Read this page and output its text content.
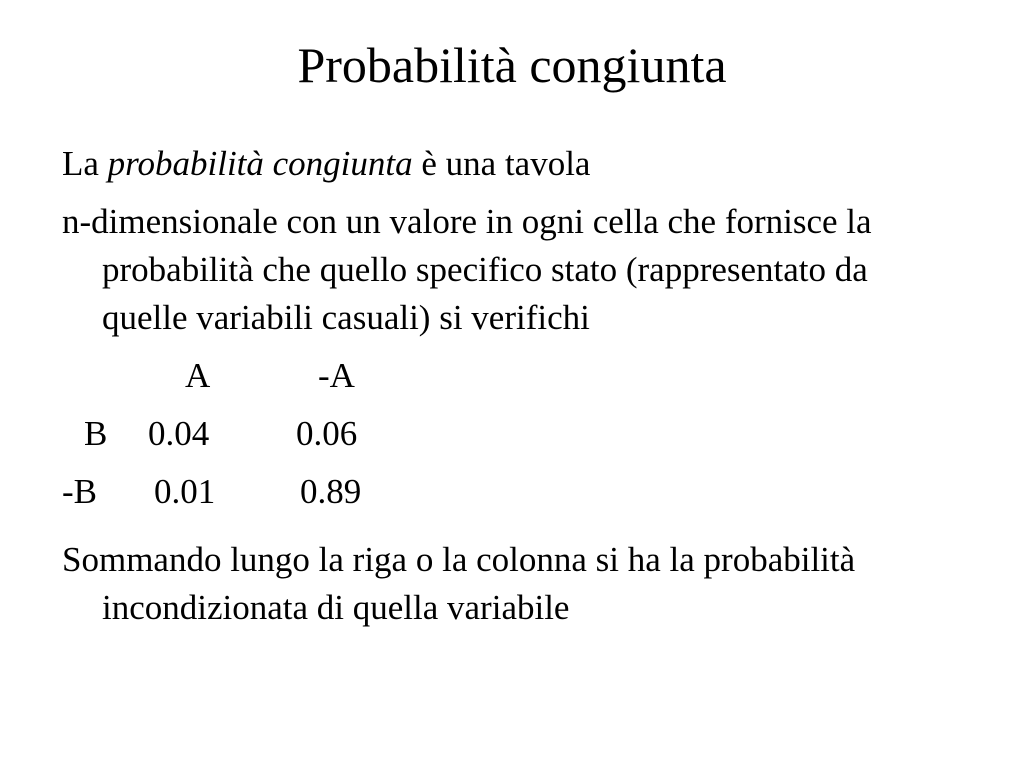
Probabilità congiunta

La probabilità congiunta è una tavola

n-dimensionale con un valore in ogni cella che fornisce la probabilità che quello specifico stato (rappresentato da quelle variabili casuali) si verifichi

A	-A
B 0.04 0.06
-B 0.01 0.89

Sommando lungo la riga o la colonna si ha la probabilità incondizionata di quella variabile
